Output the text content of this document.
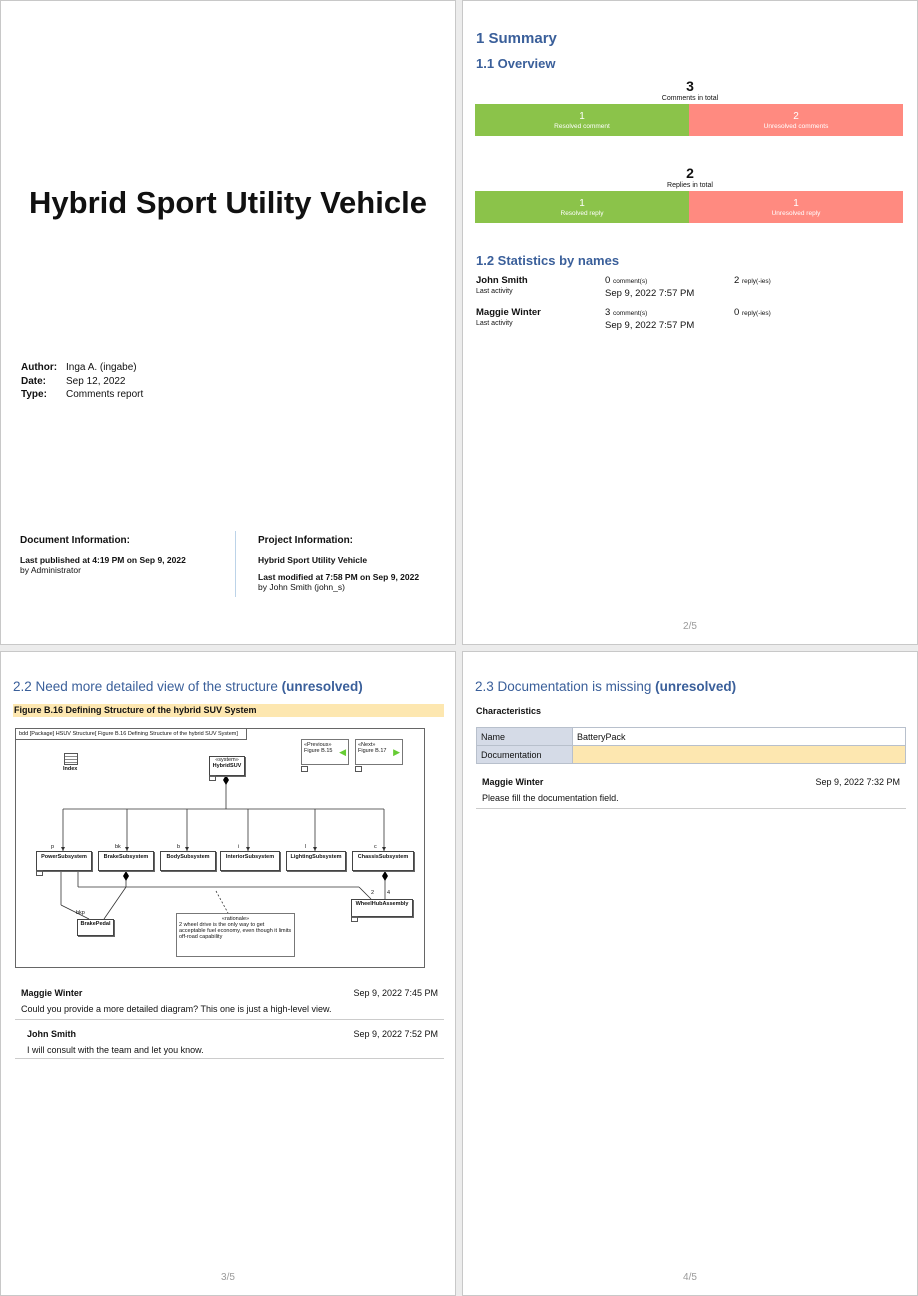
Hybrid Sport Utility Vehicle
Author: Inga A. (ingabe)
Date: Sep 12, 2022
Type: Comments report
Document Information:
Last published at 4:19 PM on Sep 9, 2022
by Administrator
Project Information:
Hybrid Sport Utility Vehicle
Last modified at 7:58 PM on Sep 9, 2022
by John Smith (john_s)
1 Summary
1.1 Overview
3
Comments in total
1
Resolved comment
2
Unresolved comments
2
Replies in total
1
Resolved reply
1
Unresolved reply
1.2 Statistics by names
John Smith
Last activity
0 comment(s)	2 reply(-ies)
Sep 9, 2022 7:57 PM
Maggie Winter
Last activity
3 comment(s)	0 reply(-ies)
Sep 9, 2022 7:57 PM
2/5
2.2 Need more detailed view of the structure (unresolved)
Figure B.16 Defining Structure of the hybrid SUV System
bdd [Package] HSUV Structure[ Figure B.16 Defining Structure of the hybrid SUV System]
Index
«system»
HybridSUV
«Previous»
Figure B.15 ◀
«Next»
Figure B.17 ▶
p	bk	b	i	l	c
PowerSubsystem	BrakeSubsystem	BodySubsystem	InteriorSubsystem	LightingSubsystem	ChassisSubsystem
bkp
BrakePedal
2 4
WheelHubAssembly
«rationale»
2 wheel drive is the only way to get acceptable fuel economy, even though it limits off-road capability
Maggie Winter	Sep 9, 2022 7:45 PM
Could you provide a more detailed diagram? This one is just a high-level view.
John Smith	Sep 9, 2022 7:52 PM
I will consult with the team and let you know.
3/5
2.3 Documentation is missing (unresolved)
Characteristics
Name	BatteryPack
Documentation	
Maggie Winter	Sep 9, 2022 7:32 PM
Please fill the documentation field.
4/5
